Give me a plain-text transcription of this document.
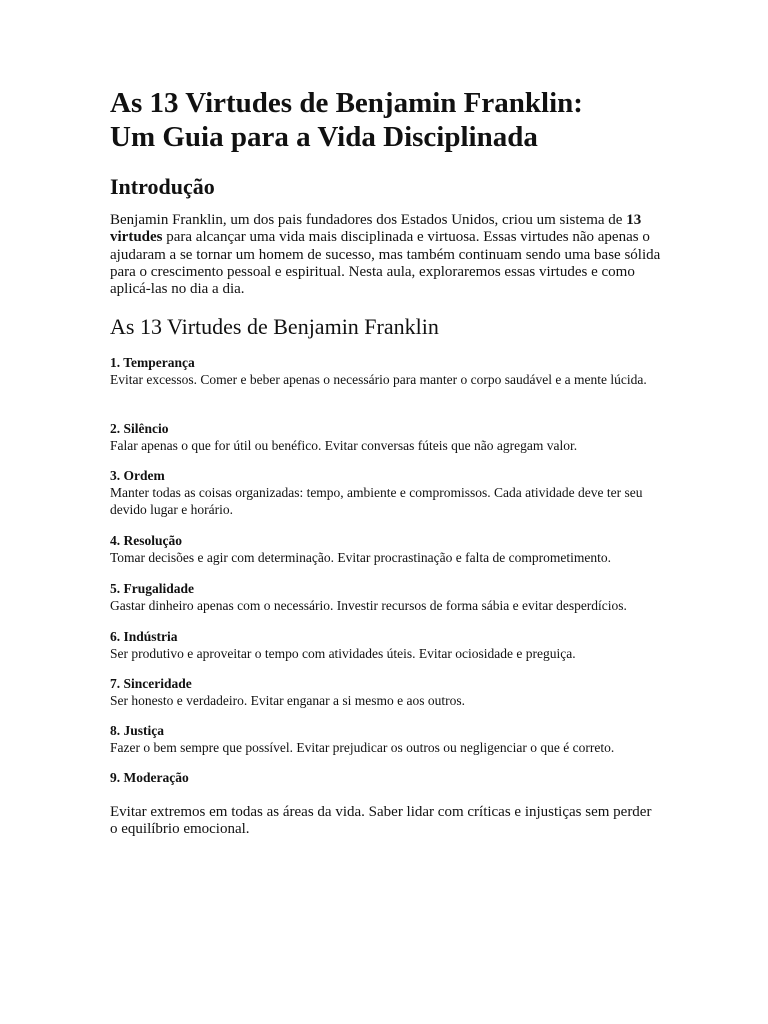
As 13 Virtudes de Benjamin Franklin:
Um Guia para a Vida Disciplinada
Introdução

Benjamin Franklin, um dos pais fundadores dos Estados Unidos, criou um sistema de 13 virtudes para alcançar uma vida mais disciplinada e virtuosa. Essas virtudes não apenas o ajudaram a se tornar um homem de sucesso, mas também continuam sendo uma base sólida para o crescimento pessoal e espiritual. Nesta aula, exploraremos essas virtudes e como aplicá-las no dia a dia.

As 13 Virtudes de Benjamin Franklin

1. Temperança

Evitar excessos. Comer e beber apenas o necessário para manter o corpo saudável e a mente lúcida.

2. Silêncio

Falar apenas o que for útil ou benéfico. Evitar conversas fúteis que não agregam valor.

3. Ordem

Manter todas as coisas organizadas: tempo, ambiente e compromissos. Cada atividade deve ter seu devido lugar e horário.

4. Resolução

Tomar decisões e agir com determinação. Evitar procrastinação e falta de comprometimento.

5. Frugalidade

Gastar dinheiro apenas com o necessário. Investir recursos de forma sábia e evitar desperdícios.

6. Indústria

Ser produtivo e aproveitar o tempo com atividades úteis. Evitar ociosidade e preguiça.

7. Sinceridade

Ser honesto e verdadeiro. Evitar enganar a si mesmo e aos outros.

8. Justiça

Fazer o bem sempre que possível. Evitar prejudicar os outros ou negligenciar o que é correto.

9. Moderação

Evitar extremos em todas as áreas da vida. Saber lidar com críticas e injustiças sem perder o equilíbrio emocional.
